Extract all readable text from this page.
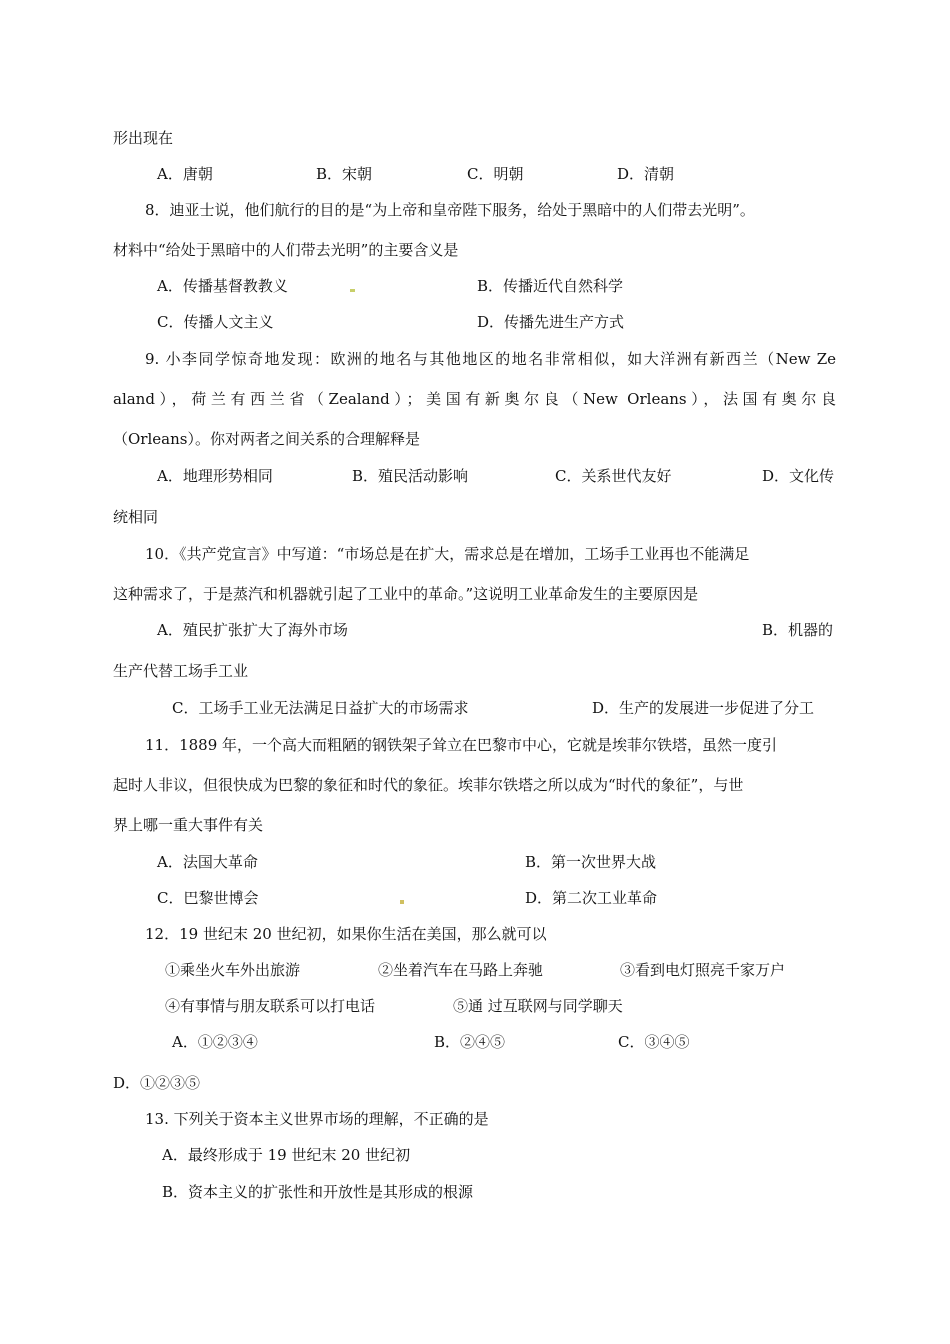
形出现在
A．唐朝	B．宋朝	C．明朝	D．清朝
8．迪亚士说，他们航行的目的是“为上帝和皇帝陛下服务，给处于黑暗中的人们带去光明”。
材料中“给处于黑暗中的人们带去光明”的主要含义是
A．传播基督教教义	B．传播近代自然科学
C．传播人文主义	D．传播先进生产方式
9. 小李同学惊奇地发现：欧洲的地名与其他地区的地名非常相似，如大洋洲有新西兰（New Ze
aland），荷兰有西兰省（Zealand）；美国有新奥尔良（New Orleans），法国有奥尔良
（Orleans）。你对两者之间关系的合理解释是
A．地理形势相同	B．殖民活动影响	C．关系世代友好	D．文化传
统相同
10．《共产党宣言》中写道：“市场总是在扩大，需求总是在增加，工场手工业再也不能满足
这种需求了，于是蒸汽和机器就引起了工业中的革命。”这说明工业革命发生的主要原因是
A．殖民扩张扩大了海外市场	B．机器的
生产代替工场手工业
C．工场手工业无法满足日益扩大的市场需求	D．生产的发展进一步促进了分工
11．1889 年，一个高大而粗陋的钢铁架子耸立在巴黎市中心，它就是埃菲尔铁塔，虽然一度引
起时人非议，但很快成为巴黎的象征和时代的象征。埃菲尔铁塔之所以成为“时代的象征”，与世
界上哪一重大事件有关
A．法国大革命	B．第一次世界大战
C．巴黎世博会	D．第二次工业革命
12．19 世纪末 20 世纪初，如果你生活在美国，那么就可以
①乘坐火车外出旅游	②坐着汽车在马路上奔驰	③看到电灯照亮千家万户
④有事情与朋友联系可以打电话	⑤通 过互联网与同学聊天
A．①②③④	B．②④⑤	C．③④⑤
D．①②③⑤
13. 下列关于资本主义世界市场的理解，不正确的是
A．最终形成于 19 世纪末 20 世纪初
B．资本主义的扩张性和开放性是其形成的根源
